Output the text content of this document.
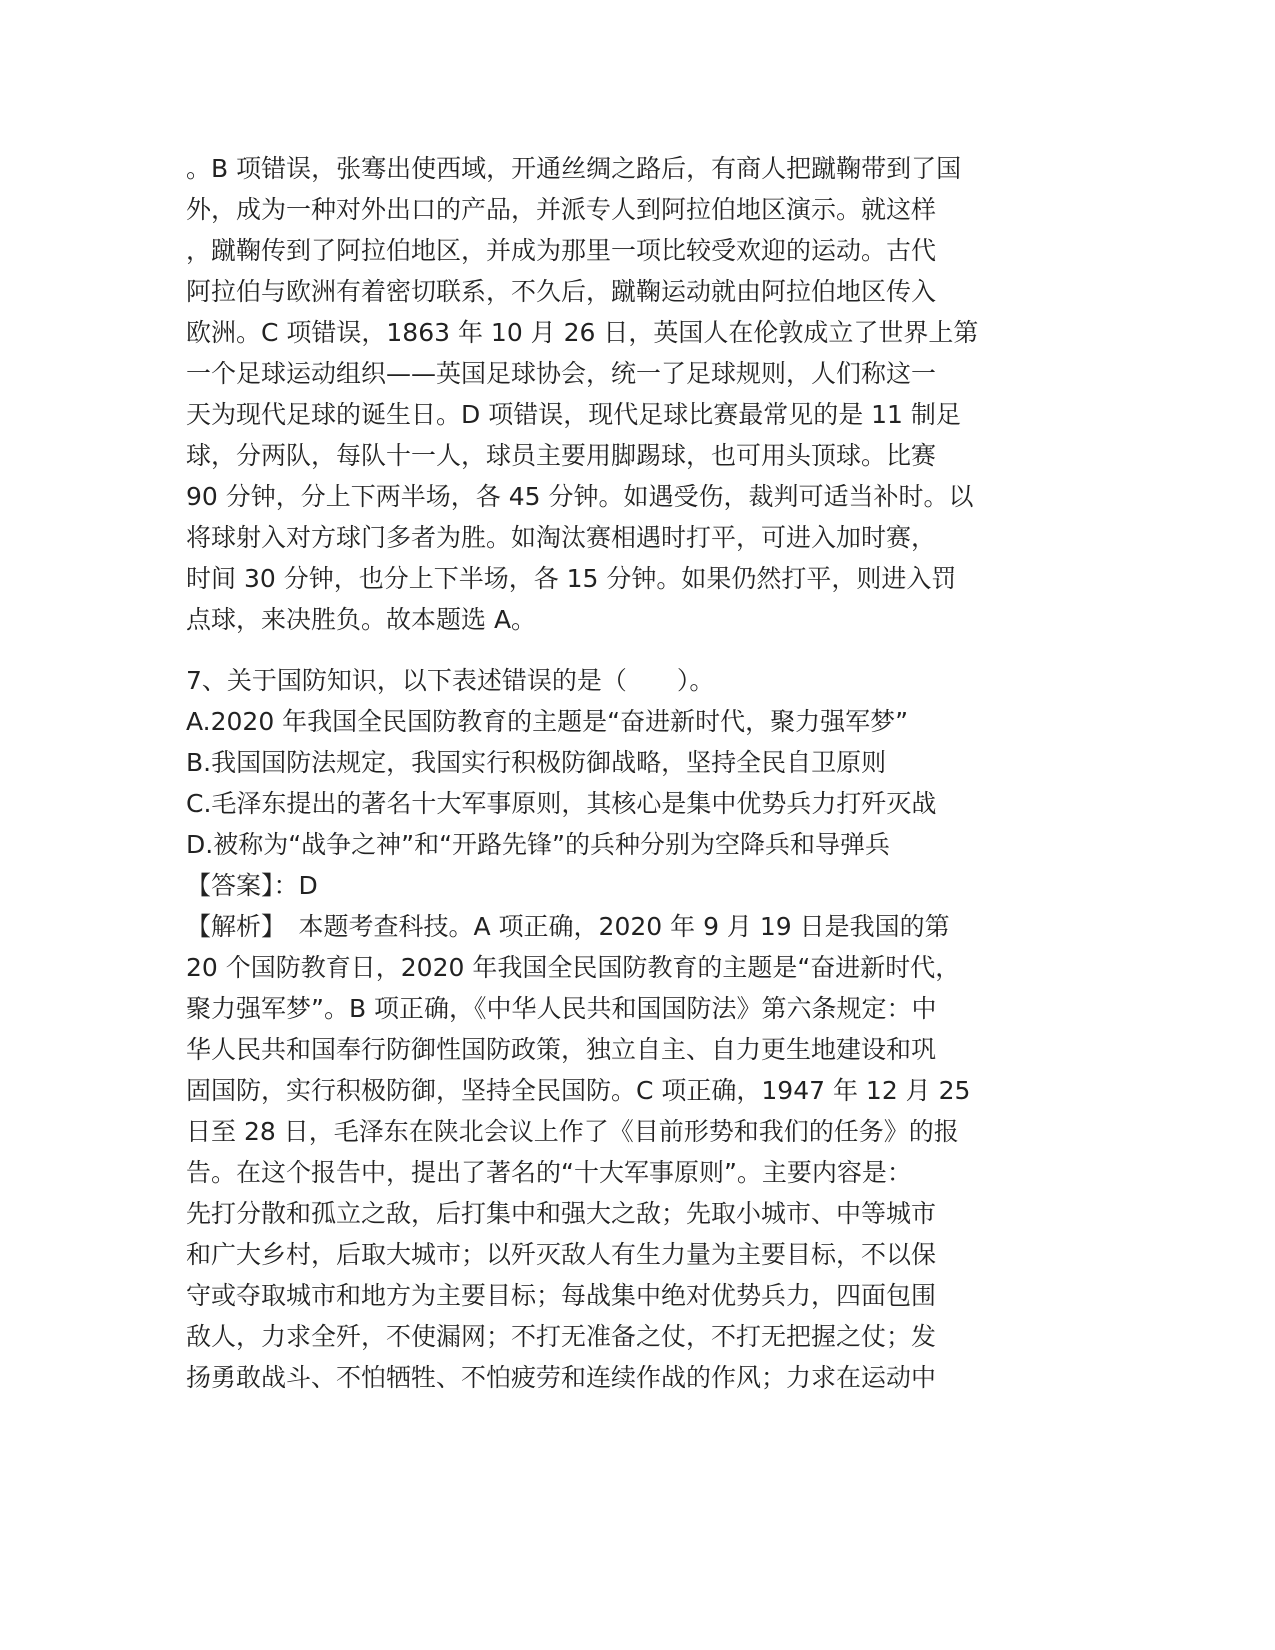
。B 项错误，张骞出使西域，开通丝绸之路后，有商人把蹴鞠带到了国
外，成为一种对外出口的产品，并派专人到阿拉伯地区演示。就这样
，蹴鞠传到了阿拉伯地区，并成为那里一项比较受欢迎的运动。古代
阿拉伯与欧洲有着密切联系，不久后，蹴鞠运动就由阿拉伯地区传入
欧洲。C 项错误，1863 年 10 月 26 日，英国人在伦敦成立了世界上第
一个足球运动组织——英国足球协会，统一了足球规则，人们称这一
天为现代足球的诞生日。D 项错误，现代足球比赛最常见的是 11 制足
球，分两队，每队十一人，球员主要用脚踢球，也可用头顶球。比赛
90 分钟，分上下两半场，各 45 分钟。如遇受伤，裁判可适当补时。以
将球射入对方球门多者为胜。如淘汰赛相遇时打平，可进入加时赛，
时间 30 分钟，也分上下半场，各 15 分钟。如果仍然打平，则进入罚
点球，来决胜负。故本题选 A。
7、关于国防知识，以下表述错误的是（　　）。
A.2020 年我国全民国防教育的主题是“奋进新时代，聚力强军梦”
B.我国国防法规定，我国实行积极防御战略，坚持全民自卫原则
C.毛泽东提出的著名十大军事原则，其核心是集中优势兵力打歼灭战
D.被称为“战争之神”和“开路先锋”的兵种分别为空降兵和导弹兵
【答案】：D
【解析】　本题考查科技。A 项正确，2020 年 9 月 19 日是我国的第
20 个国防教育日，2020 年我国全民国防教育的主题是“奋进新时代，
聚力强军梦”。B 项正确，《中华人民共和国国防法》第六条规定：中
华人民共和国奉行防御性国防政策，独立自主、自力更生地建设和巩
固国防，实行积极防御，坚持全民国防。C 项正确，1947 年 12 月 25
日至 28 日，毛泽东在陕北会议上作了《目前形势和我们的任务》的报
告。在这个报告中，提出了著名的“十大军事原则”。主要内容是：
先打分散和孤立之敌，后打集中和强大之敌；先取小城市、中等城市
和广大乡村，后取大城市；以歼灭敌人有生力量为主要目标，不以保
守或夺取城市和地方为主要目标；每战集中绝对优势兵力，四面包围
敌人，力求全歼，不使漏网；不打无准备之仗，不打无把握之仗；发
扬勇敢战斗、不怕牺牲、不怕疲劳和连续作战的作风；力求在运动中
